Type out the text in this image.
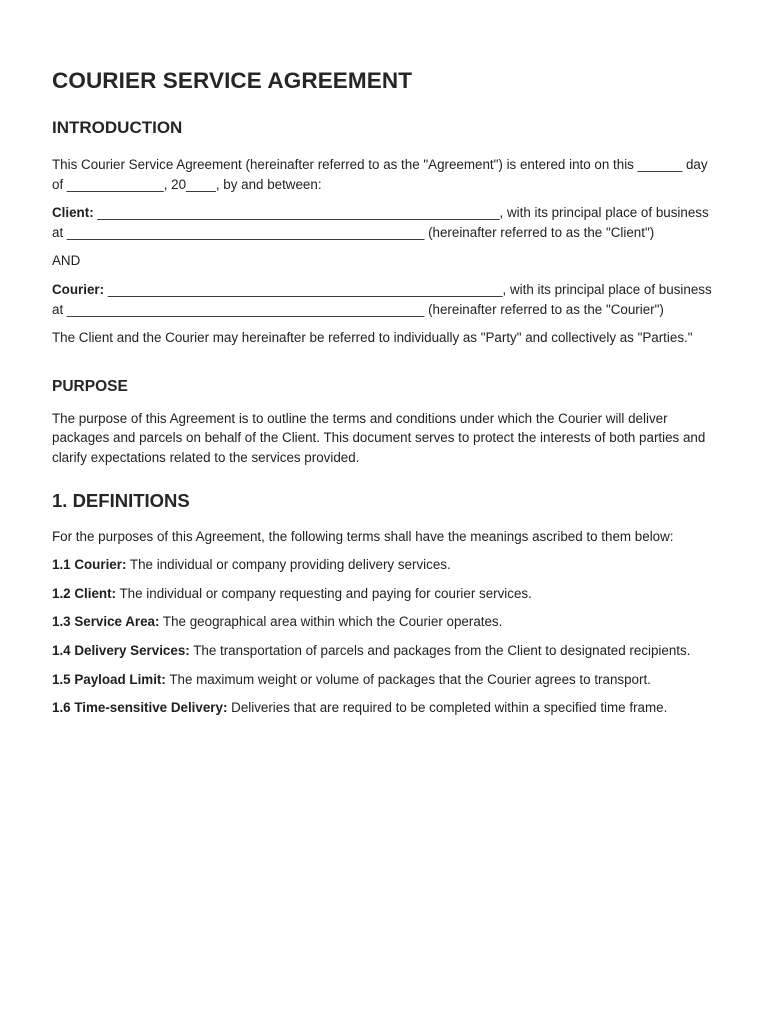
COURIER SERVICE AGREEMENT
INTRODUCTION

This Courier Service Agreement (hereinafter referred to as the "Agreement") is entered into on this ______ day of _____________, 20____, by and between:

Client: ______________________________________________________, with its principal place of business at ________________________________________________ (hereinafter referred to as the "Client")

AND

Courier: _____________________________________________________, with its principal place of business at ________________________________________________ (hereinafter referred to as the "Courier")

The Client and the Courier may hereinafter be referred to individually as "Party" and collectively as "Parties."

PURPOSE

The purpose of this Agreement is to outline the terms and conditions under which the Courier will deliver packages and parcels on behalf of the Client. This document serves to protect the interests of both parties and clarify expectations related to the services provided.

1. DEFINITIONS

For the purposes of this Agreement, the following terms shall have the meanings ascribed to them below:

1.1 Courier: The individual or company providing delivery services.

1.2 Client: The individual or company requesting and paying for courier services.

1.3 Service Area: The geographical area within which the Courier operates.

1.4 Delivery Services: The transportation of parcels and packages from the Client to designated recipients.

1.5 Payload Limit: The maximum weight or volume of packages that the Courier agrees to transport.

1.6 Time-sensitive Delivery: Deliveries that are required to be completed within a specified time frame.
